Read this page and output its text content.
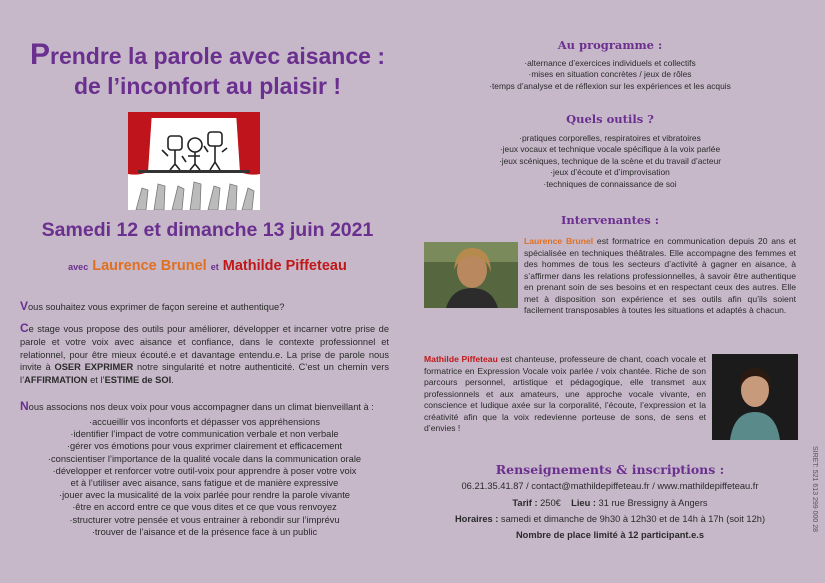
Prendre la parole avec aisance :
de l’inconfort au plaisir !
Samedi 12 et dimanche 13 juin 2021
avec Laurence Brunel et Mathilde Piffeteau
Vous souhaitez vous exprimer de façon sereine et authentique?
Ce stage vous propose des outils pour améliorer, développer et incarner votre prise de parole et votre voix avec aisance et confiance, dans le contexte professionnel et relationnel, pour être mieux écouté.e et davantage entendu.e. La prise de parole nous invite à OSER EXPRIMER notre singularité et notre authenticité. C’est un chemin vers l’AFFIRMATION et l’ESTIME de SOI.
Nous associons nos deux voix pour vous accompagner dans un climat bienveillant à :
·accueillir vos inconforts et dépasser vos appréhensions
·identifier l’impact de votre communication verbale et non verbale
·gérer vos émotions pour vous exprimer clairement et efficacement
·conscientiser l’importance de la qualité vocale dans la communication orale
·développer et renforcer votre outil-voix pour apprendre à poser votre voix
et à l’utiliser avec aisance, sans fatigue et de manière expressive
·jouer avec la musicalité de la voix parlée pour rendre la parole vivante
·être en accord entre ce que vous dites et ce que vous renvoyez
·structurer votre pensée et vous entrainer à rebondir sur l’imprévu
·trouver de l’aisance et de la présence face à un public
Au programme :
·alternance d’exercices individuels et collectifs
·mises en situation concrètes / jeux de rôles
·temps d’analyse et de réflexion sur les expériences et les acquis
Quels outils ?
·pratiques corporelles, respiratoires et vibratoires
·jeux vocaux et technique vocale spécifique à la voix parlée
·jeux scéniques, technique de la scène et du travail d’acteur
·jeux d’écoute et d’improvisation
·techniques de connaissance de soi
Intervenantes :
Laurence Brunel est formatrice en communication depuis 20 ans et spécialisée en techniques théâtrales. Elle accompagne des femmes et des hommes de tous les secteurs d’activité à gagner en aisance, à s’affirmer dans les relations professionnelles, à savoir être authentique en prenant soin de ses besoins et en respectant ceux des autres. Elle met à disposition son expérience et ses outils afin qu’ils soient facilement transposables à toutes les situations et adaptés à chacun.
Mathilde Piffeteau est chanteuse, professeure de chant, coach vocale et formatrice en Expression Vocale voix parlée / voix chantée. Riche de son parcours personnel, artistique et pédagogique, elle transmet aux professionnels et aux amateurs, une approche vocale vivante, en conscience et ludique axée sur la corporalité, l’écoute, l’expression et la créativité afin que la voix redevienne porteuse de sons, de sens et d’envies !
Renseignements & inscriptions :
06.21.35.41.87 / contact@mathildepiffeteau.fr / www.mathildepiffeteau.fr
Tarif : 250€ Lieu : 31 rue Bressigny à Angers
Horaires : samedi et dimanche de 9h30 à 12h30 et de 14h à 17h (soit 12h)
Nombre de place limité à 12 participant.e.s
SIRET: 521 613 299 000 28
